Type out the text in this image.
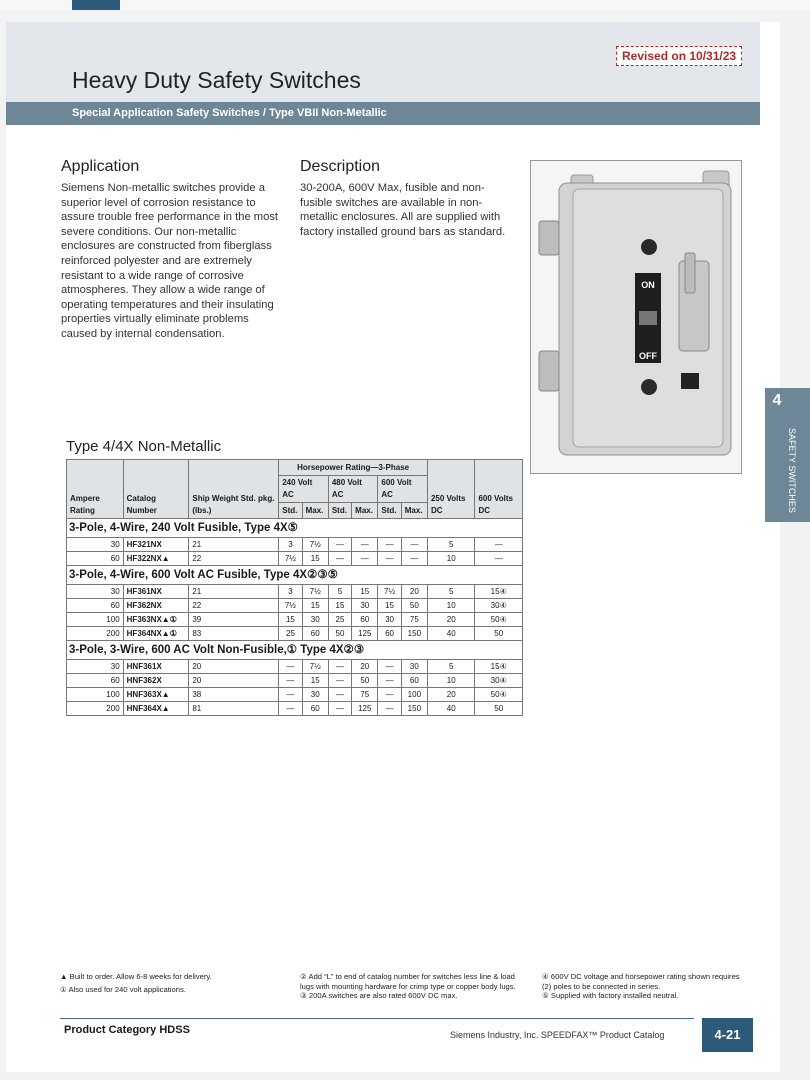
Heavy Duty Safety Switches
Revised on 10/31/23
Special Application Safety Switches / Type VBII Non-Metallic
Application
Siemens Non-metallic switches provide a superior level of corrosion resistance to assure trouble free performance in the most severe conditions. Our non-metallic enclosures are constructed from fiberglass reinforced polyester and are extremely resistant to a wide range of corrosive atmospheres. They allow a wide range of operating temperatures and their insulating properties virtually eliminate problems caused by internal condensation.
Description
30-200A, 600V Max, fusible and non-fusible switches are available in non-metallic enclosures. All are supplied with factory installed ground bars as standard.
ON
OFF
Type 4/4X Non-Metallic
Ampere Rating	Catalog Number	Ship Weight Std. pkg. (lbs.)	Horsepower Rating—3-Phase						250 Volts DC	600 Volts DC
			240 Volt AC		480 Volt AC		600 Volt AC			
			Std.	Max.	Std.	Max.	Std.	Max.		
3-Pole, 4-Wire, 240 Volt Fusible, Type 4X⑤										
30	HF321NX	21	3	7½	—	—	—	—	5	—
60	HF322NX▲	22	7½	15	—	—	—	—	10	—
3-Pole, 4-Wire, 600 Volt AC Fusible, Type 4X②③⑤										
30	HF361NX	21	3	7½	5	15	7½	20	5	15④
60	HF362NX	22	7½	15	15	30	15	50	10	30④
100	HF363NX▲①	39	15	30	25	60	30	75	20	50④
200	HF364NX▲①	83	25	60	50	125	60	150	40	50
3-Pole, 3-Wire, 600 AC Volt Non-Fusible,① Type 4X②③										
30	HNF361X	20	—	7½	—	20	—	30	5	15④
60	HNF362X	20	—	15	—	50	—	60	10	30④
100	HNF363X▲	38	—	30	—	75	—	100	20	50④
200	HNF364X▲	81	—	60	—	125	—	150	40	50
▲ Built to order. Allow 6-8 weeks for delivery.
① Also used for 240 volt applications.
② Add “L” to end of catalog number for switches less line & load lugs with mounting hardware for crimp type or copper body lugs.
③ 200A switches are also rated 600V DC max.
④ 600V DC voltage and horsepower rating shown requires (2) poles to be connected in series.
⑤ Supplied with factory installed neutral.
Product Category HDSS	Siemens Industry, Inc. SPEEDFAX™ Product Catalog	4-21
4
SAFETY SWITCHES
